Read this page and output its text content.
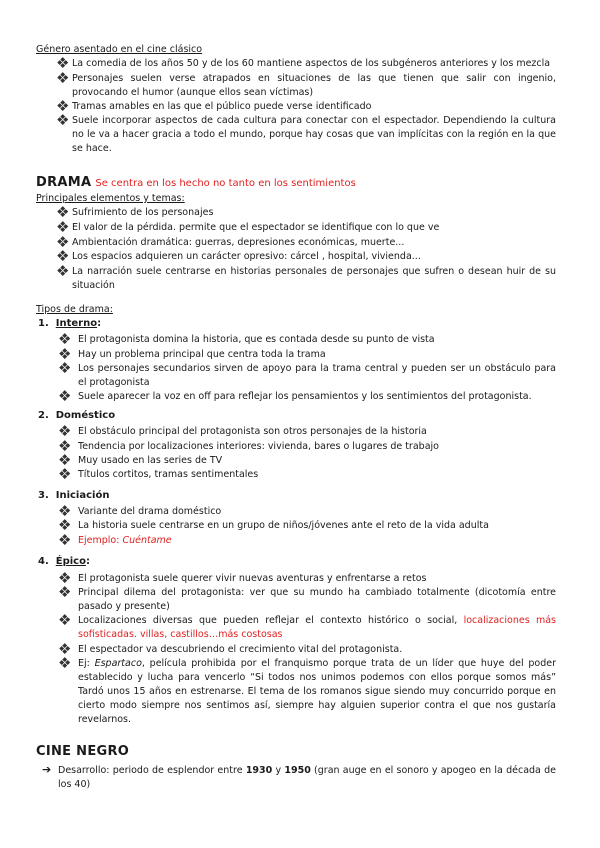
Género asentado en el cine clásico
❖ La comedia de los años 50 y de los 60 mantiene aspectos de los subgéneros anteriores y los mezcla
❖ Personajes suelen verse atrapados en situaciones de las que tienen que salir con ingenio, provocando el humor (aunque ellos sean víctimas)
❖ Tramas amables en las que el público puede verse identificado
❖ Suele incorporar aspectos de cada cultura para conectar con el espectador. Dependiendo la cultura no le va a hacer gracia a todo el mundo, porque hay cosas que van implícitas con la región en la que se hace.
DRAMA Se centra en los hecho no tanto en los sentimientos
Principales elementos y temas:
❖ Sufrimiento de los personajes
❖ El valor de la pérdida. permite que el espectador se identifique con lo que ve
❖ Ambientación dramática: guerras, depresiones económicas, muerte...
❖ Los espacios adquieren un carácter opresivo: cárcel , hospital, vivienda...
❖ La narración suele centrarse en historias personales de personajes que sufren o desean huir de su situación
Tipos de drama:
1. Interno:
❖ El protagonista domina la historia, que es contada desde su punto de vista
❖ Hay un problema principal que centra toda la trama
❖ Los personajes secundarios sirven de apoyo para la trama central y pueden ser un obstáculo para el protagonista
❖ Suele aparecer la voz en off para reflejar los pensamientos y los sentimientos del protagonista.
2. Doméstico
❖ El obstáculo principal del protagonista son otros personajes de la historia
❖ Tendencia por localizaciones interiores: vivienda, bares o lugares de trabajo
❖ Muy usado en las series de TV
❖ Títulos cortitos, tramas sentimentales
3. Iniciación
❖ Variante del drama doméstico
❖ La historia suele centrarse en un grupo de niños/jóvenes ante el reto de la vida adulta
❖ Ejemplo: Cuéntame
4. Épico:
❖ El protagonista suele querer vivir nuevas aventuras y enfrentarse a retos
❖ Principal dilema del protagonista: ver que su mundo ha cambiado totalmente (dicotomía entre pasado y presente)
❖ Localizaciones diversas que pueden reflejar el contexto histórico o social, localizaciones más sofisticadas. villas, castillos…más costosas
❖ El espectador va descubriendo el crecimiento vital del protagonista.
❖ Ej: Espartaco, película prohibida por el franquismo porque trata de un líder que huye del poder establecido y lucha para vencerlo “Si todos nos unimos podemos con ellos porque somos más” Tardó unos 15 años en estrenarse. El tema de los romanos sigue siendo muy concurrido porque en cierto modo siempre nos sentimos así, siempre hay alguien superior contra el que nos gustaría revelarnos.
CINE NEGRO
➔ Desarrollo: periodo de esplendor entre 1930 y 1950 (gran auge en el sonoro y apogeo en la década de los 40)
